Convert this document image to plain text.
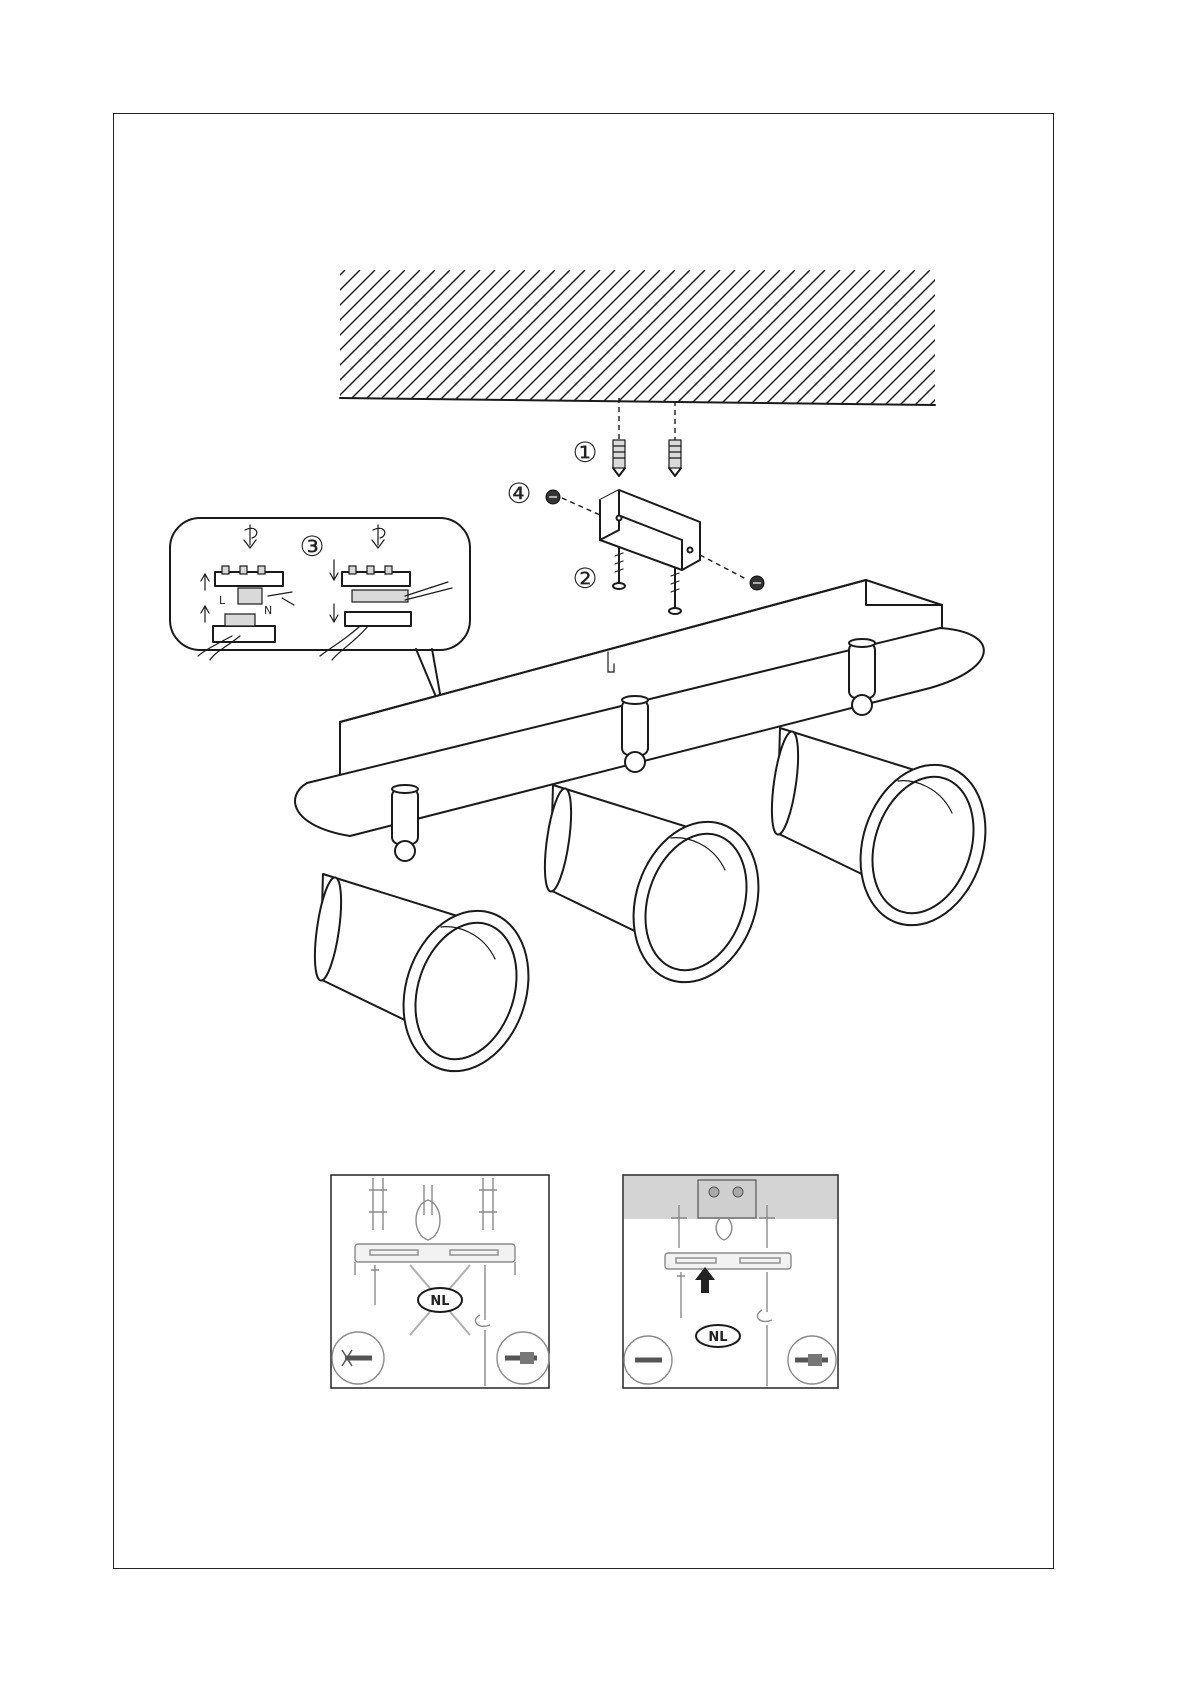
①
②
④
③
L
N
NL
NL
